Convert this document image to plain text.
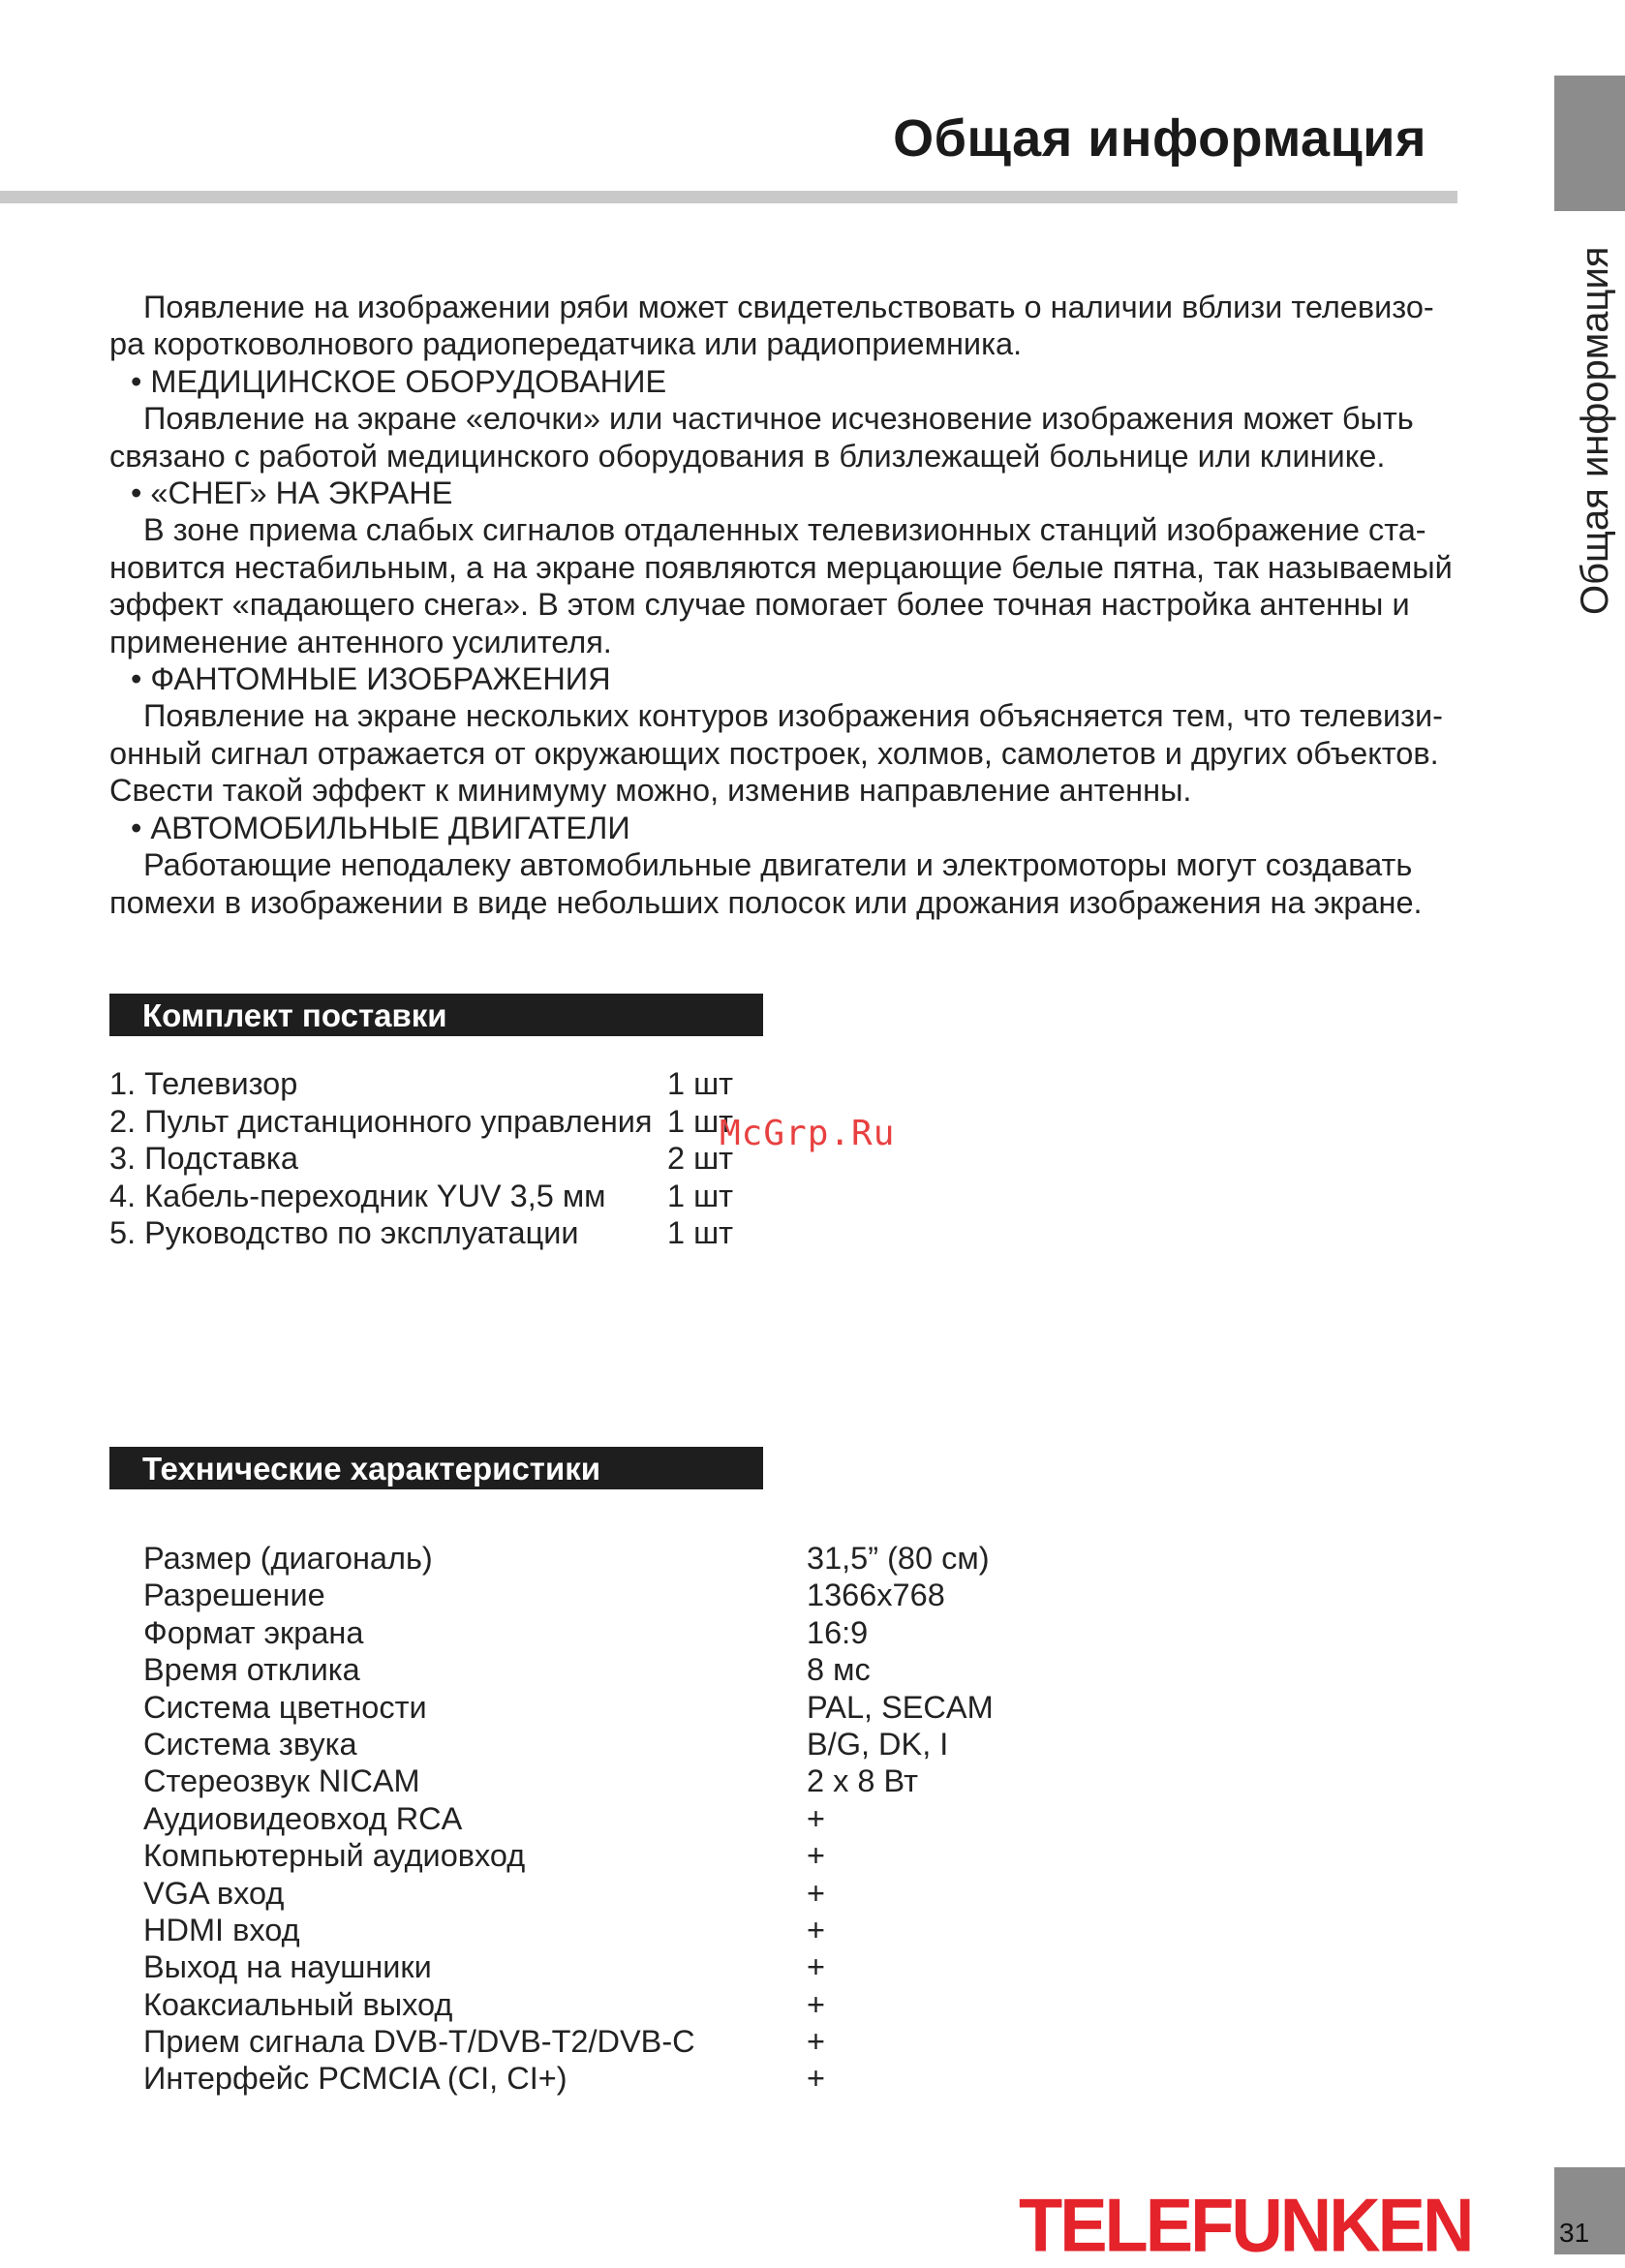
Общая информация
Общая информация

Появление на изображении ряби может свидетельствовать о наличии вблизи телевизо-ра коротковолнового радиопередатчика или радиоприемника.

• МЕДИЦИНСКОЕ ОБОРУДОВАНИЕ

Появление на экране «елочки» или частичное исчезновение изображения может быть связано с работой медицинского оборудования в близлежащей больнице или клинике.

• «СНЕГ» НА ЭКРАНЕ

В зоне приема слабых сигналов отдаленных телевизионных станций изображение ста-новится нестабильным, а на экране появляются мерцающие белые пятна, так называемый эффект «падающего снега». В этом случае помогает более точная настройка антенны и применение антенного усилителя.

• ФАНТОМНЫЕ ИЗОБРАЖЕНИЯ

Появление на экране нескольких контуров изображения объясняется тем, что телевизи-онный сигнал отражается от окружающих построек, холмов, самолетов и других объектов. Свести такой эффект к минимуму можно, изменив направление антенны.

• АВТОМОБИЛЬНЫЕ ДВИГАТЕЛИ

Работающие неподалеку автомобильные двигатели и электромоторы могут создавать помехи в изображении в виде небольших полосок или дрожания изображения на экране.

Комплект поставки
1. Телевизор	1 шт
2. Пульт дистанционного управления 1 шт
3. Подставка	2 шт
4. Кабель-переходник YUV 3,5 мм 1 шт
5. Руководство по эксплуатации	1 шт
McGrp.Ru
Технические характеристики
Размер (диагональ)	31,5” (80 см)
Разрешение	1366x768
Формат экрана	16:9
Время отклика	8 мс
Система цветности	PAL, SECAM
Система звука	B/G, DK, I
Стереозвук NICAM	2 x 8 Вт
Аудиовидеовход RCA	+
Компьютерный аудиовход	+
VGA вход	+
HDMI вход	+
Выход на наушники	+
Коаксиальный выход	+
Прием сигнала DVB-T/DVB-T2/DVB-C	+
Интерфейс PCMCIA (CI, CI+)	+
TELEFUNKEN	31
